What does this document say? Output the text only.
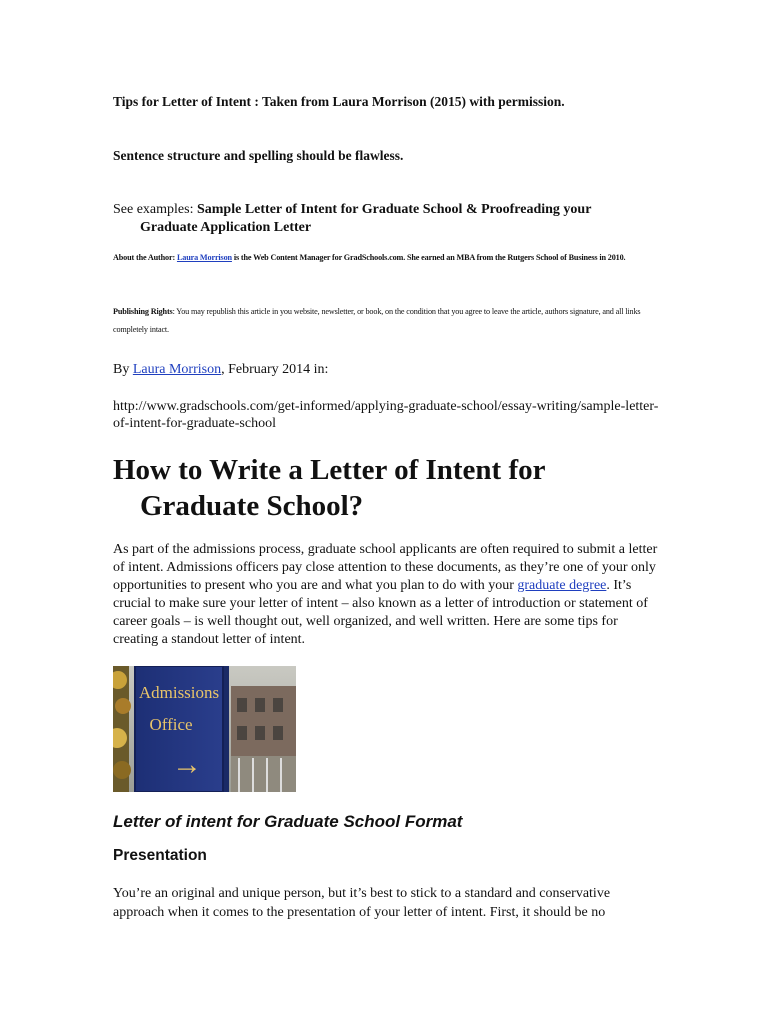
Tips for Letter of Intent : Taken from Laura Morrison (2015) with permission.
Sentence structure and spelling should be flawless.
See examples: Sample Letter of Intent for Graduate School & Proofreading your
Graduate Application Letter
About the Author: Laura Morrison is the Web Content Manager for GradSchools.com. She earned an MBA from the Rutgers School of Business in 2010.
Publishing Rights: You may republish this article in you website, newsletter, or book, on the condition that you agree to leave the article, authors signature, and all links completely intact.
By Laura Morrison, February 2014 in:
http://www.gradschools.com/get-informed/applying-graduate-school/essay-writing/sample-letter-of-intent-for-graduate-school
How to Write a Letter of Intent for
Graduate School?
As part of the admissions process, graduate school applicants are often required to submit a letter of intent. Admissions officers pay close attention to these documents, as they’re one of your only opportunities to present who you are and what you plan to do with your graduate degree. It’s crucial to make sure your letter of intent – also known as a letter of introduction or statement of career goals – is well thought out, well organized, and well written. Here are some tips for creating a standout letter of intent.
Admissions
Office
→
Letter of intent for Graduate School Format
Presentation
You’re an original and unique person, but it’s best to stick to a standard and conservative approach when it comes to the presentation of your letter of intent. First, it should be no
